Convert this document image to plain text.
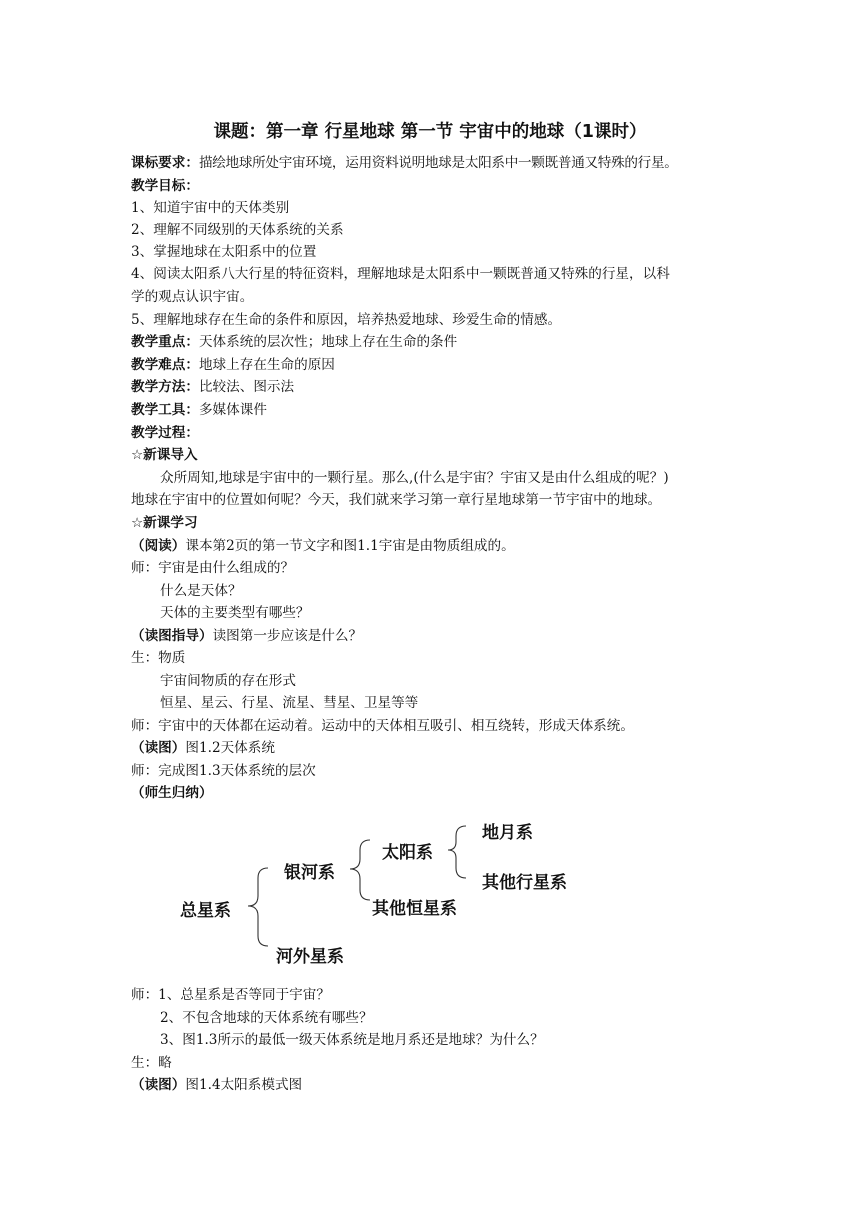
课题：第一章 行星地球 第一节 宇宙中的地球（1课时）
课标要求：描绘地球所处宇宙环境，运用资料说明地球是太阳系中一颗既普通又特殊的行星。
教学目标：
1、知道宇宙中的天体类别
2、理解不同级别的天体系统的关系
3、掌握地球在太阳系中的位置
4、阅读太阳系八大行星的特征资料，理解地球是太阳系中一颗既普通又特殊的行星，以科
学的观点认识宇宙。
5、理解地球存在生命的条件和原因，培养热爱地球、珍爱生命的情感。
教学重点：天体系统的层次性；地球上存在生命的条件
教学难点：地球上存在生命的原因
教学方法：比较法、图示法
教学工具：多媒体课件
教学过程：
☆新课导入
众所周知,地球是宇宙中的一颗行星。那么,(什么是宇宙？宇宙又是由什么组成的呢？)
地球在宇宙中的位置如何呢？今天，我们就来学习第一章行星地球第一节宇宙中的地球。
☆新课学习
（阅读）课本第2页的第一节文字和图1.1宇宙是由物质组成的。
师：宇宙是由什么组成的？
什么是天体？
天体的主要类型有哪些？
（读图指导）读图第一步应该是什么？
生：物质
宇宙间物质的存在形式
恒星、星云、行星、流星、彗星、卫星等等
师：宇宙中的天体都在运动着。运动中的天体相互吸引、相互绕转，形成天体系统。
（读图）图1.2天体系统
师：完成图1.3天体系统的层次
（师生归纳）
总星系
银河系
河外星系
太阳系
其他恒星系
地月系
其他行星系
师：1、总星系是否等同于宇宙？
2、不包含地球的天体系统有哪些？
3、图1.3所示的最低一级天体系统是地月系还是地球？为什么？
生：略
（读图）图1.4太阳系模式图
